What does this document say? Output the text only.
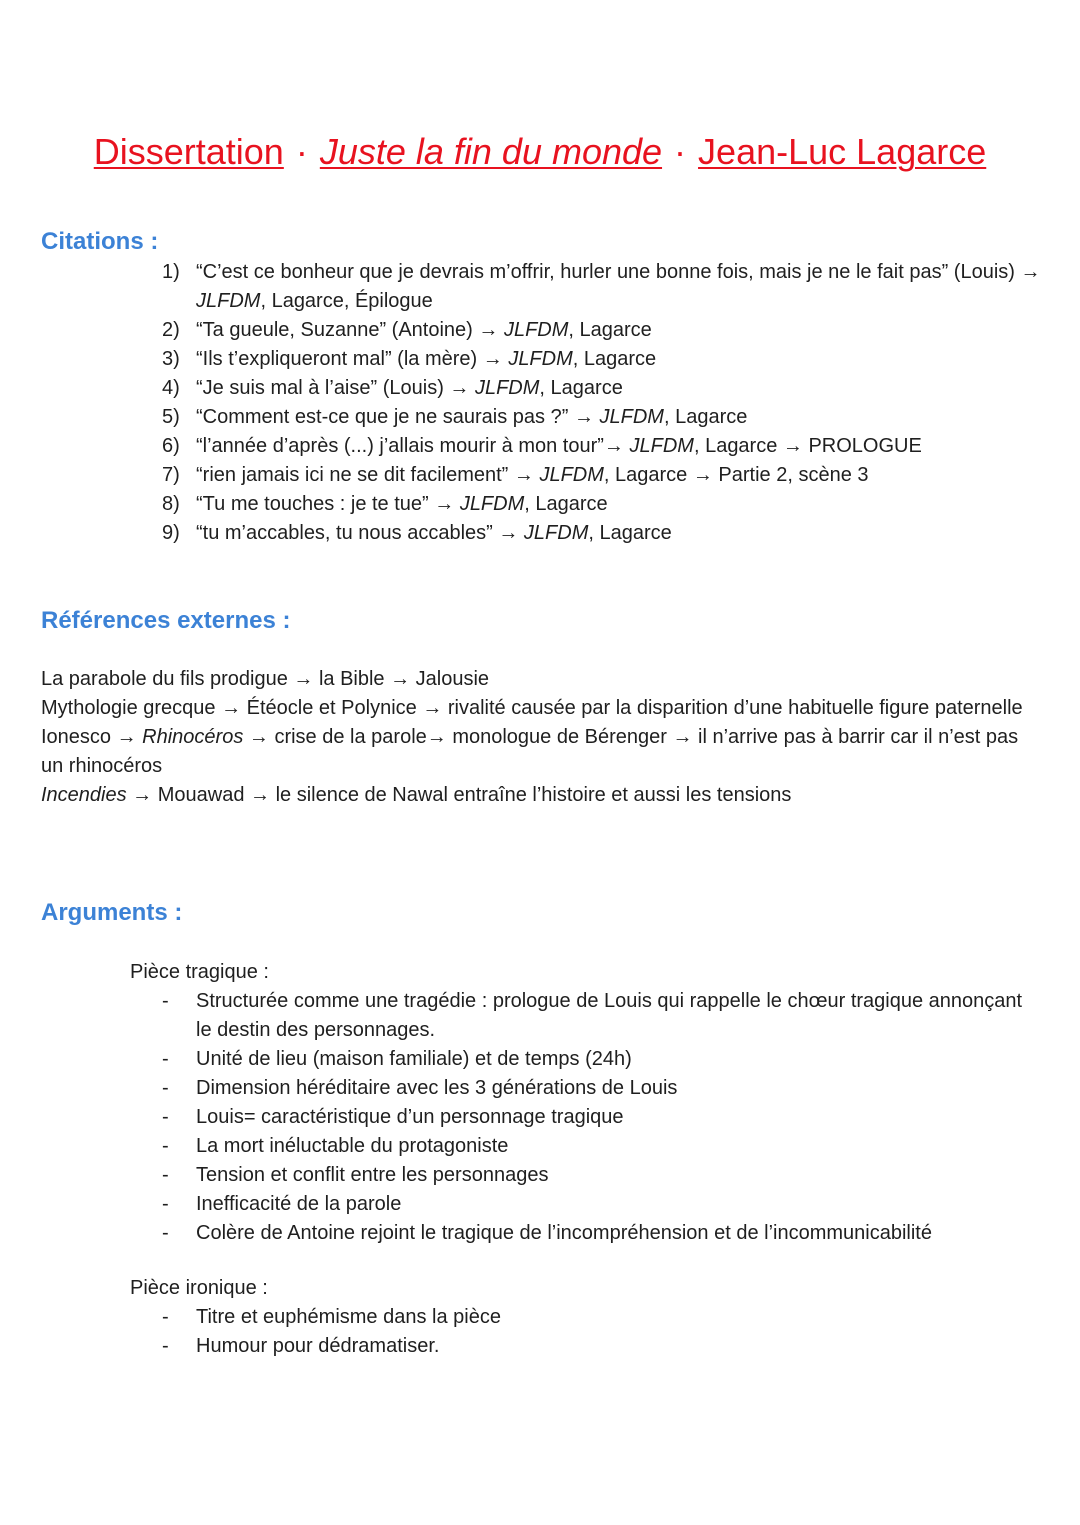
Dissertation · Juste la fin du monde · Jean-Luc Lagarce
Citations :
1) “C’est ce bonheur que je devrais m’offrir, hurler une bonne fois, mais je ne le fait pas” (Louis) → JLFDM, Lagarce, Épilogue
2) “Ta gueule, Suzanne” (Antoine) → JLFDM, Lagarce
3) “Ils t’expliqueront mal” (la mère) → JLFDM, Lagarce
4) “Je suis mal à l’aise” (Louis) → JLFDM, Lagarce
5) “Comment est-ce que je ne saurais pas ?” → JLFDM, Lagarce
6) “l’année d’après (...) j’allais mourir à mon tour”→ JLFDM, Lagarce → PROLOGUE
7) “rien jamais ici ne se dit facilement” → JLFDM, Lagarce → Partie 2, scène 3
8) “Tu me touches : je te tue” → JLFDM, Lagarce
9) “tu m’accables, tu nous accables” → JLFDM, Lagarce
Références externes :

La parabole du fils prodigue → la Bible → Jalousie

Mythologie grecque → Étéocle et Polynice → rivalité causée par la disparition d’une habituelle figure paternelle

Ionesco → Rhinocéros → crise de la parole→ monologue de Bérenger → il n’arrive pas à barrir car il n’est pas un rhinocéros

Incendies → Mouawad → le silence de Nawal entraîne l’histoire et aussi les tensions

Arguments :

Pièce tragique :

-	Structurée comme une tragédie : prologue de Louis qui rappelle le chœur tragique annonçant le destin des personnages.
-	Unité de lieu (maison familiale) et de temps (24h)
-	Dimension héréditaire avec les 3 générations de Louis
-	Louis= caractéristique d’un personnage tragique
-	La mort inéluctable du protagoniste
-	Tension et conflit entre les personnages
-	Inefficacité de la parole
-	Colère de Antoine rejoint le tragique de l’incompréhension et de l’incommunicabilité

Pièce ironique :

-	Titre et euphémisme dans la pièce
-	Humour pour dédramatiser.
